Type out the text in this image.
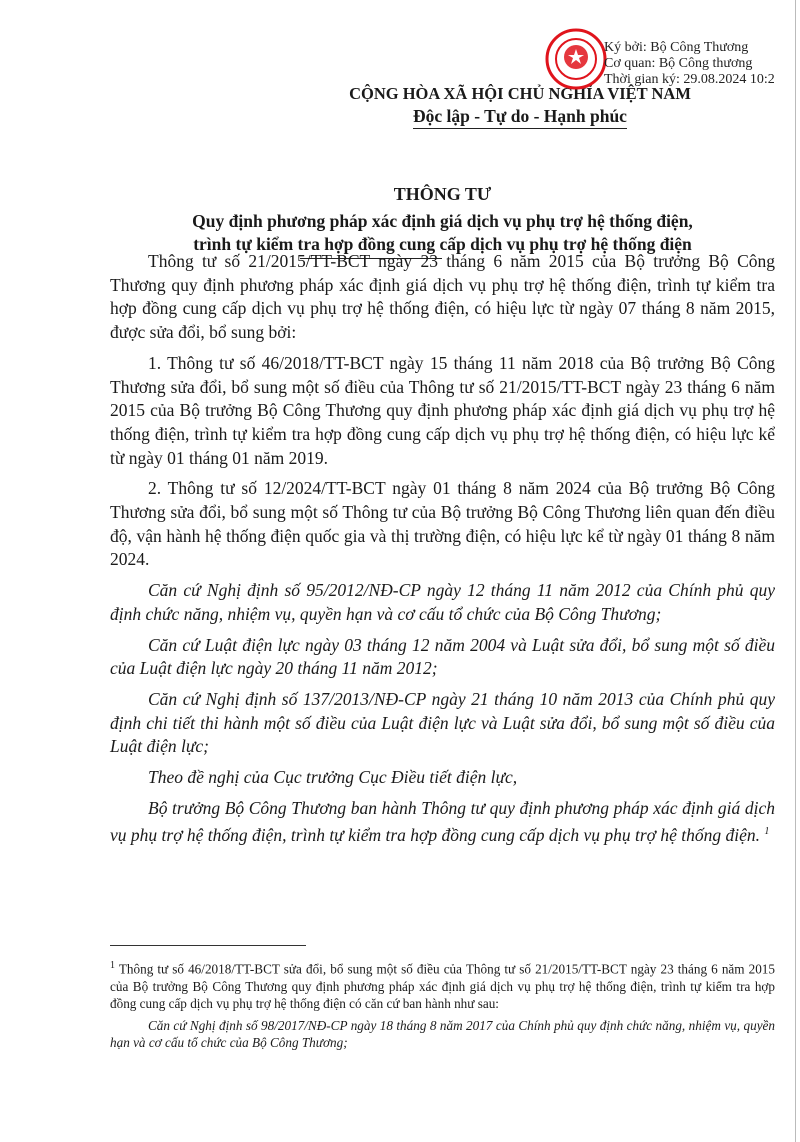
CỘNG HÒA XÃ HỘI CHỦ NGHĨA VIỆT NAM
Độc lập - Tự do - Hạnh phúc
Ký bởi: Bộ Công Thương
Cơ quan: Bộ Công thương
Thời gian ký: 29.08.2024 10:2
THÔNG TƯ
Quy định phương pháp xác định giá dịch vụ phụ trợ hệ thống điện,
trình tự kiểm tra hợp đồng cung cấp dịch vụ phụ trợ hệ thống điện

Thông tư số 21/2015/TT-BCT ngày 23 tháng 6 năm 2015 của Bộ trưởng Bộ Công Thương quy định phương pháp xác định giá dịch vụ phụ trợ hệ thống điện, trình tự kiểm tra hợp đồng cung cấp dịch vụ phụ trợ hệ thống điện, có hiệu lực từ ngày 07 tháng 8 năm 2015, được sửa đổi, bổ sung bởi:

1. Thông tư số 46/2018/TT-BCT ngày 15 tháng 11 năm 2018 của Bộ trưởng Bộ Công Thương sửa đổi, bổ sung một số điều của Thông tư số 21/2015/TT-BCT ngày 23 tháng 6 năm 2015 của Bộ trưởng Bộ Công Thương quy định phương pháp xác định giá dịch vụ phụ trợ hệ thống điện, trình tự kiểm tra hợp đồng cung cấp dịch vụ phụ trợ hệ thống điện, có hiệu lực kể từ ngày 01 tháng 01 năm 2019.

2. Thông tư số 12/2024/TT-BCT ngày 01 tháng 8 năm 2024 của Bộ trưởng Bộ Công Thương sửa đổi, bổ sung một số Thông tư của Bộ trưởng Bộ Công Thương liên quan đến điều độ, vận hành hệ thống điện quốc gia và thị trường điện, có hiệu lực kể từ ngày 01 tháng 8 năm 2024.

Căn cứ Nghị định số 95/2012/NĐ-CP ngày 12 tháng 11 năm 2012 của Chính phủ quy định chức năng, nhiệm vụ, quyền hạn và cơ cấu tổ chức của Bộ Công Thương;

Căn cứ Luật điện lực ngày 03 tháng 12 năm 2004 và Luật sửa đổi, bổ sung một số điều của Luật điện lực ngày 20 tháng 11 năm 2012;

Căn cứ Nghị định số 137/2013/NĐ-CP ngày 21 tháng 10 năm 2013 của Chính phủ quy định chi tiết thi hành một số điều của Luật điện lực và Luật sửa đổi, bổ sung một số điều của Luật điện lực;

Theo đề nghị của Cục trưởng Cục Điều tiết điện lực,

Bộ trưởng Bộ Công Thương ban hành Thông tư quy định phương pháp xác định giá dịch vụ phụ trợ hệ thống điện, trình tự kiểm tra hợp đồng cung cấp dịch vụ phụ trợ hệ thống điện. $^1$

$^1$ Thông tư số 46/2018/TT-BCT sửa đổi, bổ sung một số điều của Thông tư số 21/2015/TT-BCT ngày 23 tháng 6 năm 2015 của Bộ trưởng Bộ Công Thương quy định phương pháp xác định giá dịch vụ phụ trợ hệ thống điện, trình tự kiểm tra hợp đồng cung cấp dịch vụ phụ trợ hệ thống điện có căn cứ ban hành như sau:

Căn cứ Nghị định số 98/2017/NĐ-CP ngày 18 tháng 8 năm 2017 của Chính phủ quy định chức năng, nhiệm vụ, quyền hạn và cơ cấu tổ chức của Bộ Công Thương;
